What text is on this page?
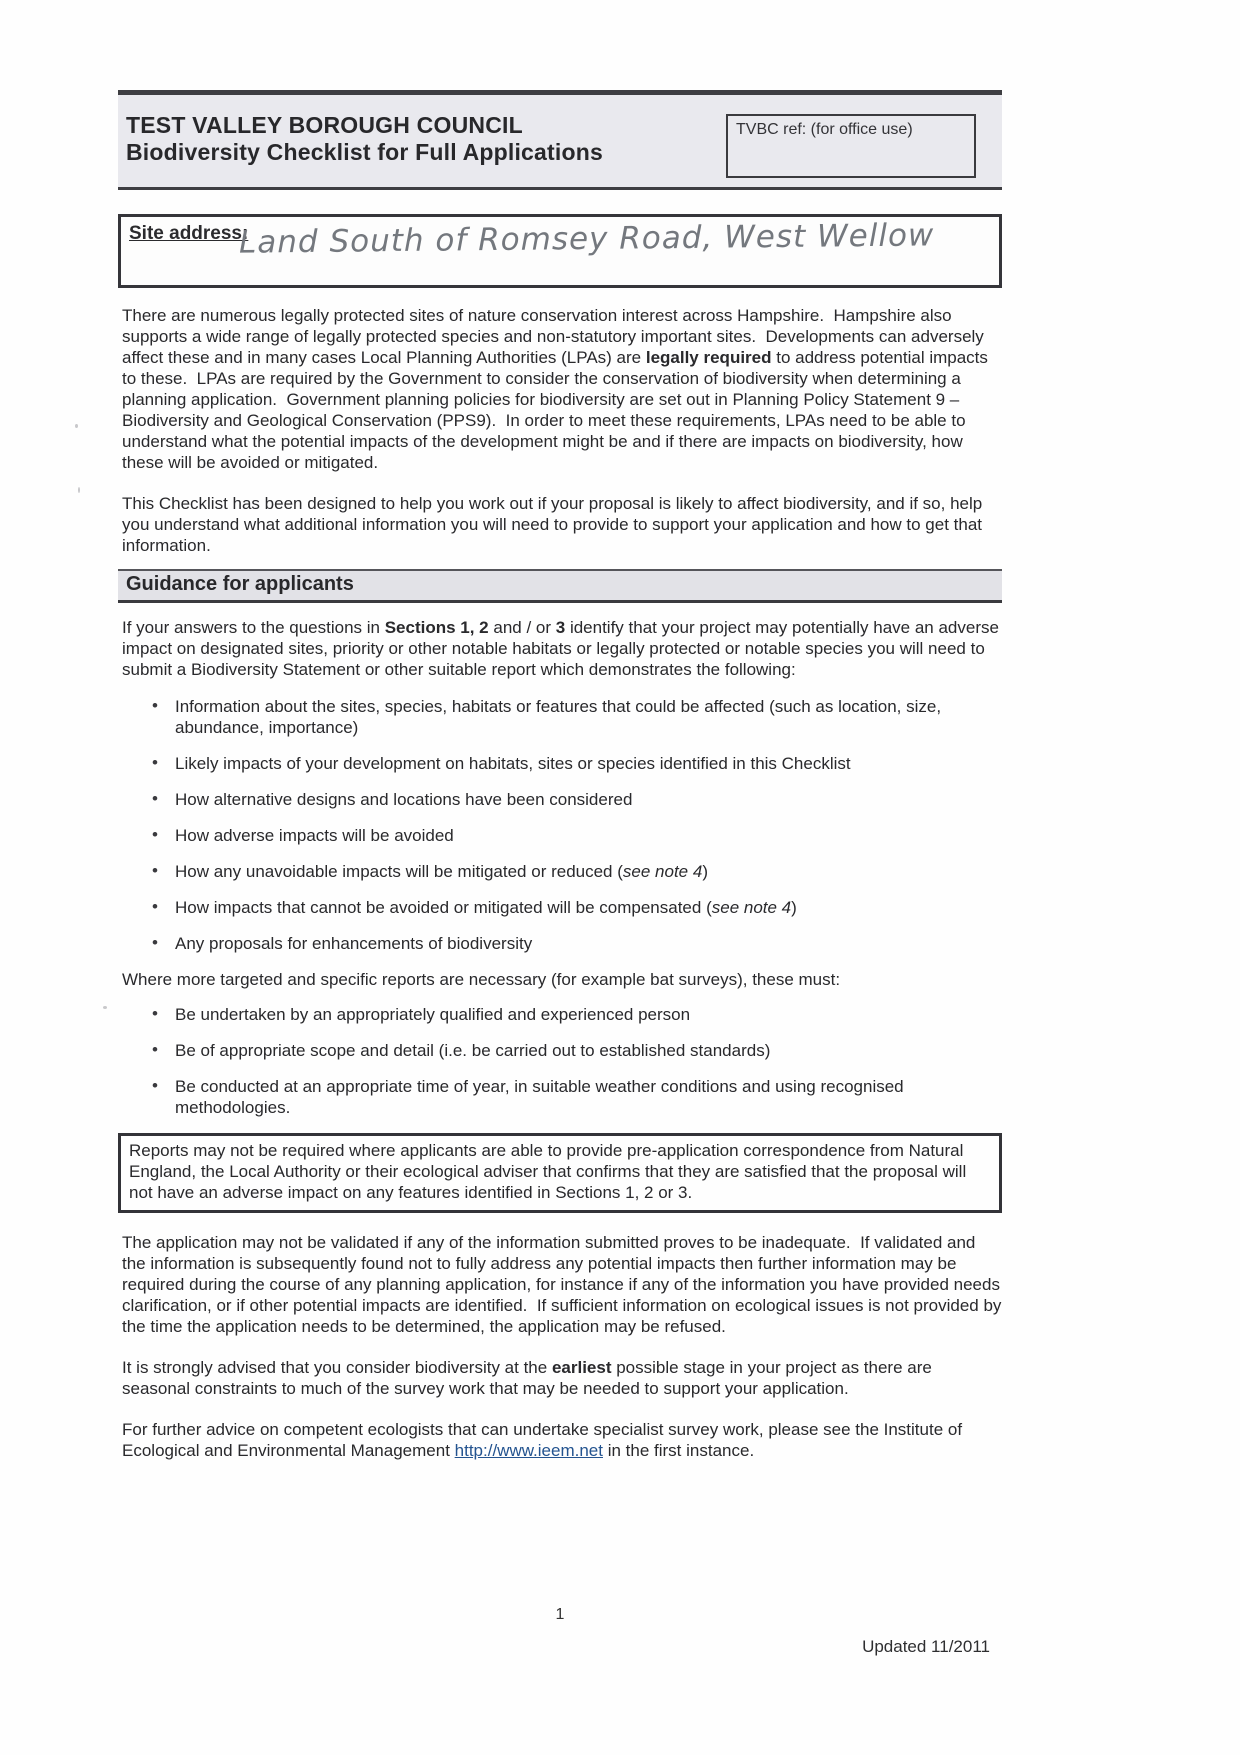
TEST VALLEY BOROUGH COUNCIL
Biodiversity Checklist for Full Applications
TVBC ref: (for office use)
Site address:
Land South of Romsey Road, West Wellow

There are numerous legally protected sites of nature conservation interest across Hampshire.  Hampshire also supports a wide range of legally protected species and non-statutory important sites.  Developments can adversely affect these and in many cases Local Planning Authorities (LPAs) are legally required to address potential impacts to these.  LPAs are required by the Government to consider the conservation of biodiversity when determining a planning application.  Government planning policies for biodiversity are set out in Planning Policy Statement 9 – Biodiversity and Geological Conservation (PPS9).  In order to meet these requirements, LPAs need to be able to understand what the potential impacts of the development might be and if there are impacts on biodiversity, how these will be avoided or mitigated.

This Checklist has been designed to help you work out if your proposal is likely to affect biodiversity, and if so, help you understand what additional information you will need to provide to support your application and how to get that information.

Guidance for applicants

If your answers to the questions in Sections 1, 2 and / or 3 identify that your project may potentially have an adverse impact on designated sites, priority or other notable habitats or legally protected or notable species you will need to submit a Biodiversity Statement or other suitable report which demonstrates the following:

• Information about the sites, species, habitats or features that could be affected (such as location, size, abundance, importance)
• Likely impacts of your development on habitats, sites or species identified in this Checklist
• How alternative designs and locations have been considered
• How adverse impacts will be avoided
• How any unavoidable impacts will be mitigated or reduced (see note 4)
• How impacts that cannot be avoided or mitigated will be compensated (see note 4)
• Any proposals for enhancements of biodiversity

Where more targeted and specific reports are necessary (for example bat surveys), these must:

• Be undertaken by an appropriately qualified and experienced person
• Be of appropriate scope and detail (i.e. be carried out to established standards)
• Be conducted at an appropriate time of year, in suitable weather conditions and using recognised methodologies.
Reports may not be required where applicants are able to provide pre-application correspondence from Natural England, the Local Authority or their ecological adviser that confirms that they are satisfied that the proposal will not have an adverse impact on any features identified in Sections 1, 2 or 3.

The application may not be validated if any of the information submitted proves to be inadequate.  If validated and the information is subsequently found not to fully address any potential impacts then further information may be required during the course of any planning application, for instance if any of the information you have provided needs clarification, or if other potential impacts are identified.  If sufficient information on ecological issues is not provided by the time the application needs to be determined, the application may be refused.

It is strongly advised that you consider biodiversity at the earliest possible stage in your project as there are seasonal constraints to much of the survey work that may be needed to support your application.

For further advice on competent ecologists that can undertake specialist survey work, please see the Institute of Ecological and Environmental Management http://www.ieem.net in the first instance.

1
Updated 11/2011
